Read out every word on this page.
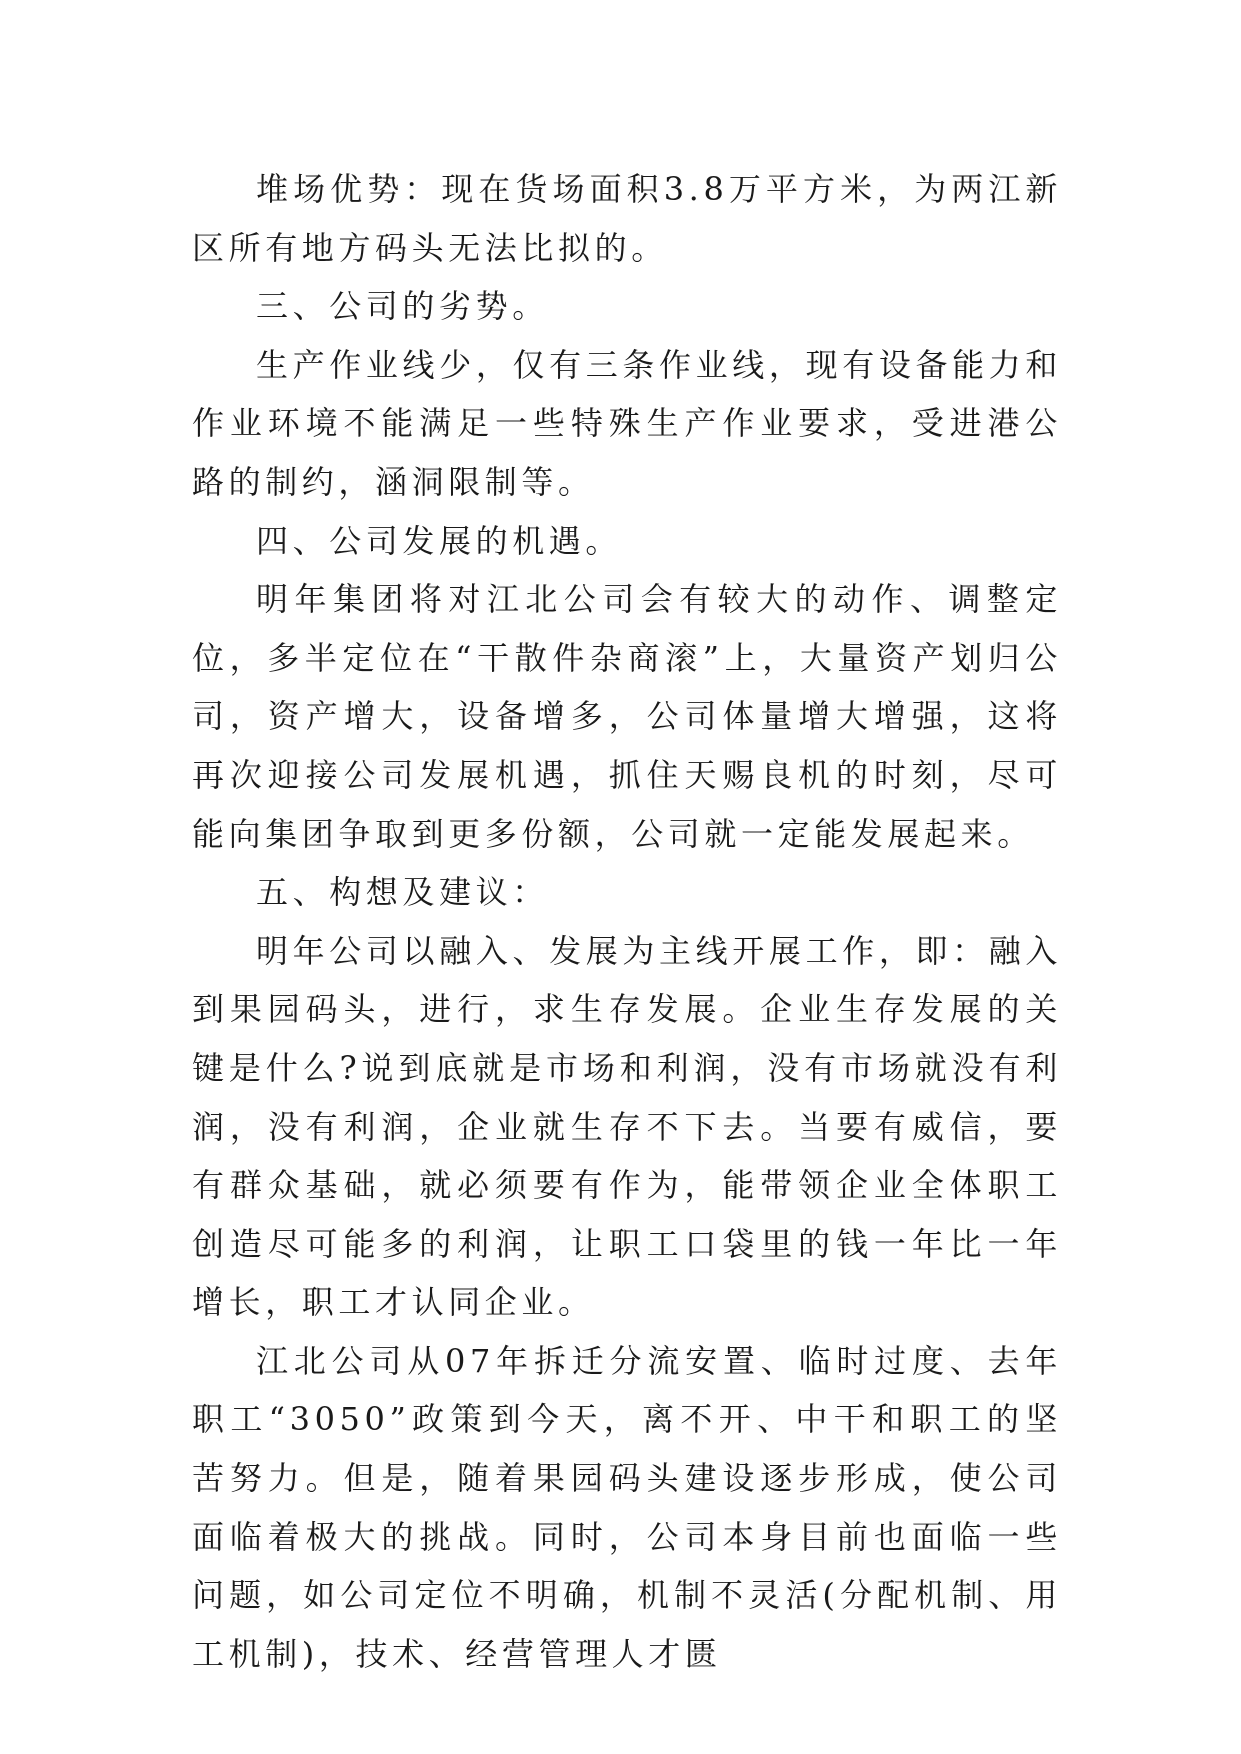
堆场优势：现在货场面积3.8万平方米，为两江新区所有地方码头无法比拟的。

三、公司的劣势。

生产作业线少，仅有三条作业线，现有设备能力和作业环境不能满足一些特殊生产作业要求，受进港公路的制约，涵洞限制等。

四、公司发展的机遇。

明年集团将对江北公司会有较大的动作、调整定位，多半定位在“干散件杂商滚”上，大量资产划归公司，资产增大，设备增多，公司体量增大增强，这将再次迎接公司发展机遇，抓住天赐良机的时刻，尽可能向集团争取到更多份额，公司就一定能发展起来。

五、构想及建议：

明年公司以融入、发展为主线开展工作，即：融入到果园码头，进行，求生存发展。企业生存发展的关键是什么?说到底就是市场和利润，没有市场就没有利润，没有利润，企业就生存不下去。当要有威信，要有群众基础，就必须要有作为，能带领企业全体职工创造尽可能多的利润，让职工口袋里的钱一年比一年增长，职工才认同企业。

江北公司从07年拆迁分流安置、临时过度、去年职工“3050”政策到今天，离不开、中干和职工的坚苦努力。但是，随着果园码头建设逐步形成，使公司面临着极大的挑战。同时，公司本身目前也面临一些问题，如公司定位不明确，机制不灵活(分配机制、用工机制)，技术、经营管理人才匮
